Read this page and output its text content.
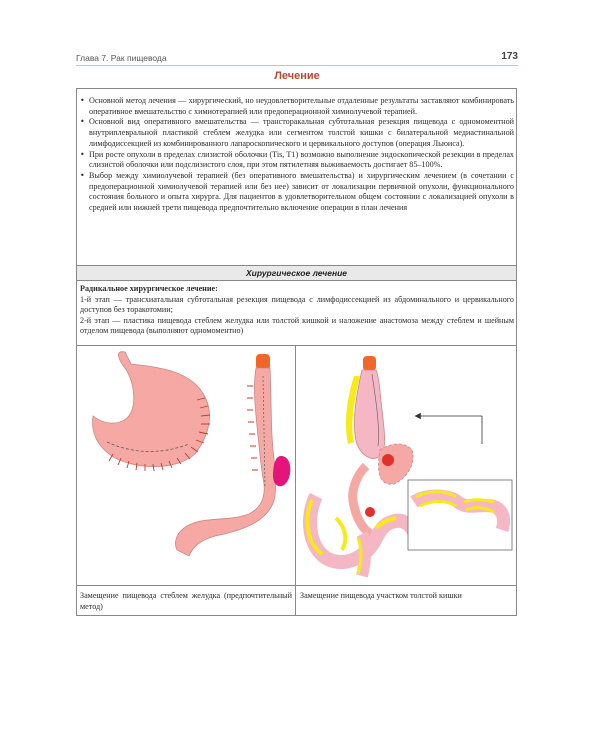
Глава 7. Рак пищевода	173
Лечение
• Основной метод лечения — хирургический, но неудовлетворительные отдаленные результаты заставляют комбинировать оперативное вмешательство с химиотерапией или предоперационной химиолучевой терапией.
• Основной вид оперативного вмешательства — трансторакальная субтотальная резекция пищевода с одномоментной внутриплевральной пластикой стеблем желудка или сегментом толстой кишки с билатеральной медиастинальной лимфодиссекцией из комбинированного лапароскопического и цервикального доступов (операция Льюиса).
• При росте опухоли в пределах слизистой оболочки (Tis, T1) возможно выполнение эндоскопической резекции в пределах слизистой оболочки или подслизистого слоя, при этом пятилетняя выживаемость достигает 85–100%.
• Выбор между химиолучевой терапией (без оперативного вмешательства) и хирургическим лечением (в сочетании с предоперационной химиолучевой терапией или без нее) зависит от локализации первичной опухоли, функционального состояния больного и опыта хирурга. Для пациентов в удовлетворительном общем состоянии с локализацией опухоли в средней или нижней трети пищевода предпочтительно включение операции в план лечения
Хирургическое лечение
Радикальное хирургическое лечение:
1-й этап — трансхиатальная субтотальная резекция пищевода с лимфодиссекцией из абдоминального и цервикального доступов без торакотомии;
2-й этап — пластика пищевода стеблем желудка или толстой кишкой и наложение анастомоза между стеблем и шейным отделом пищевода (выполняют одномоментно)
Замещение пищевода стеблем желудка (предпочтительный метод)
Замещение пищевода участком толстой кишки
